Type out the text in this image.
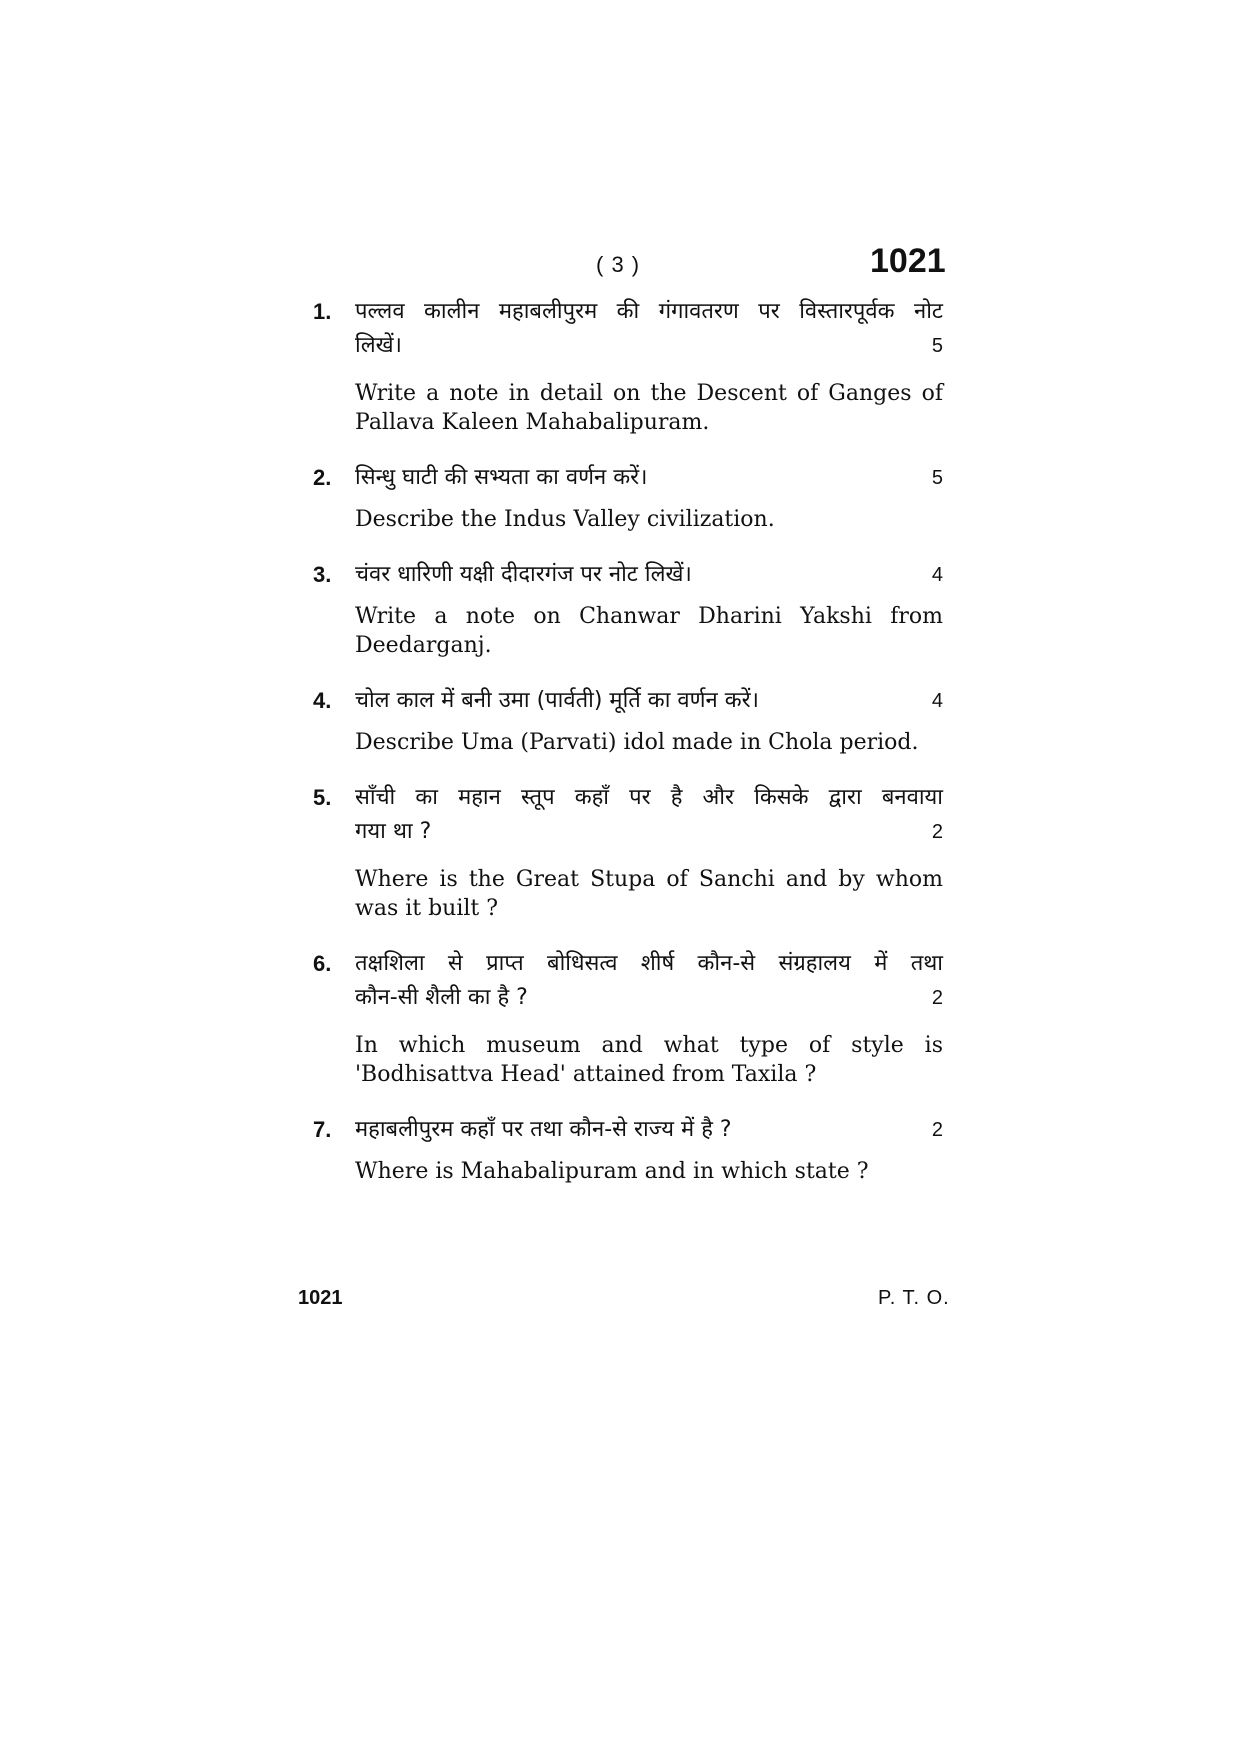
( 3 )	1021
1. पल्लव कालीन महाबलीपुरम की गंगावतरण पर विस्तारपूर्वक नोट
लिखें।	5
Write a note in detail on the Descent of Ganges of Pallava Kaleen Mahabalipuram.
2. सिन्धु घाटी की सभ्यता का वर्णन करें।	5
Describe the Indus Valley civilization.
3. चंवर धारिणी यक्षी दीदारगंज पर नोट लिखें।	4
Write a note on Chanwar Dharini Yakshi from Deedarganj.
4. चोल काल में बनी उमा (पार्वती) मूर्ति का वर्णन करें।	4
Describe Uma (Parvati) idol made in Chola period.
5. साँची का महान स्तूप कहाँ पर है और किसके द्वारा बनवाया
गया था ?	2
Where is the Great Stupa of Sanchi and by whom was it built ?
6. तक्षशिला से प्राप्त बोधिसत्व शीर्ष कौन-से संग्रहालय में तथा
कौन-सी शैली का है ?	2
In which museum and what type of style is 'Bodhisattva Head' attained from Taxila ?
7. महाबलीपुरम कहाँ पर तथा कौन-से राज्य में है ?	2
Where is Mahabalipuram and in which state ?
1021	P. T. O.
